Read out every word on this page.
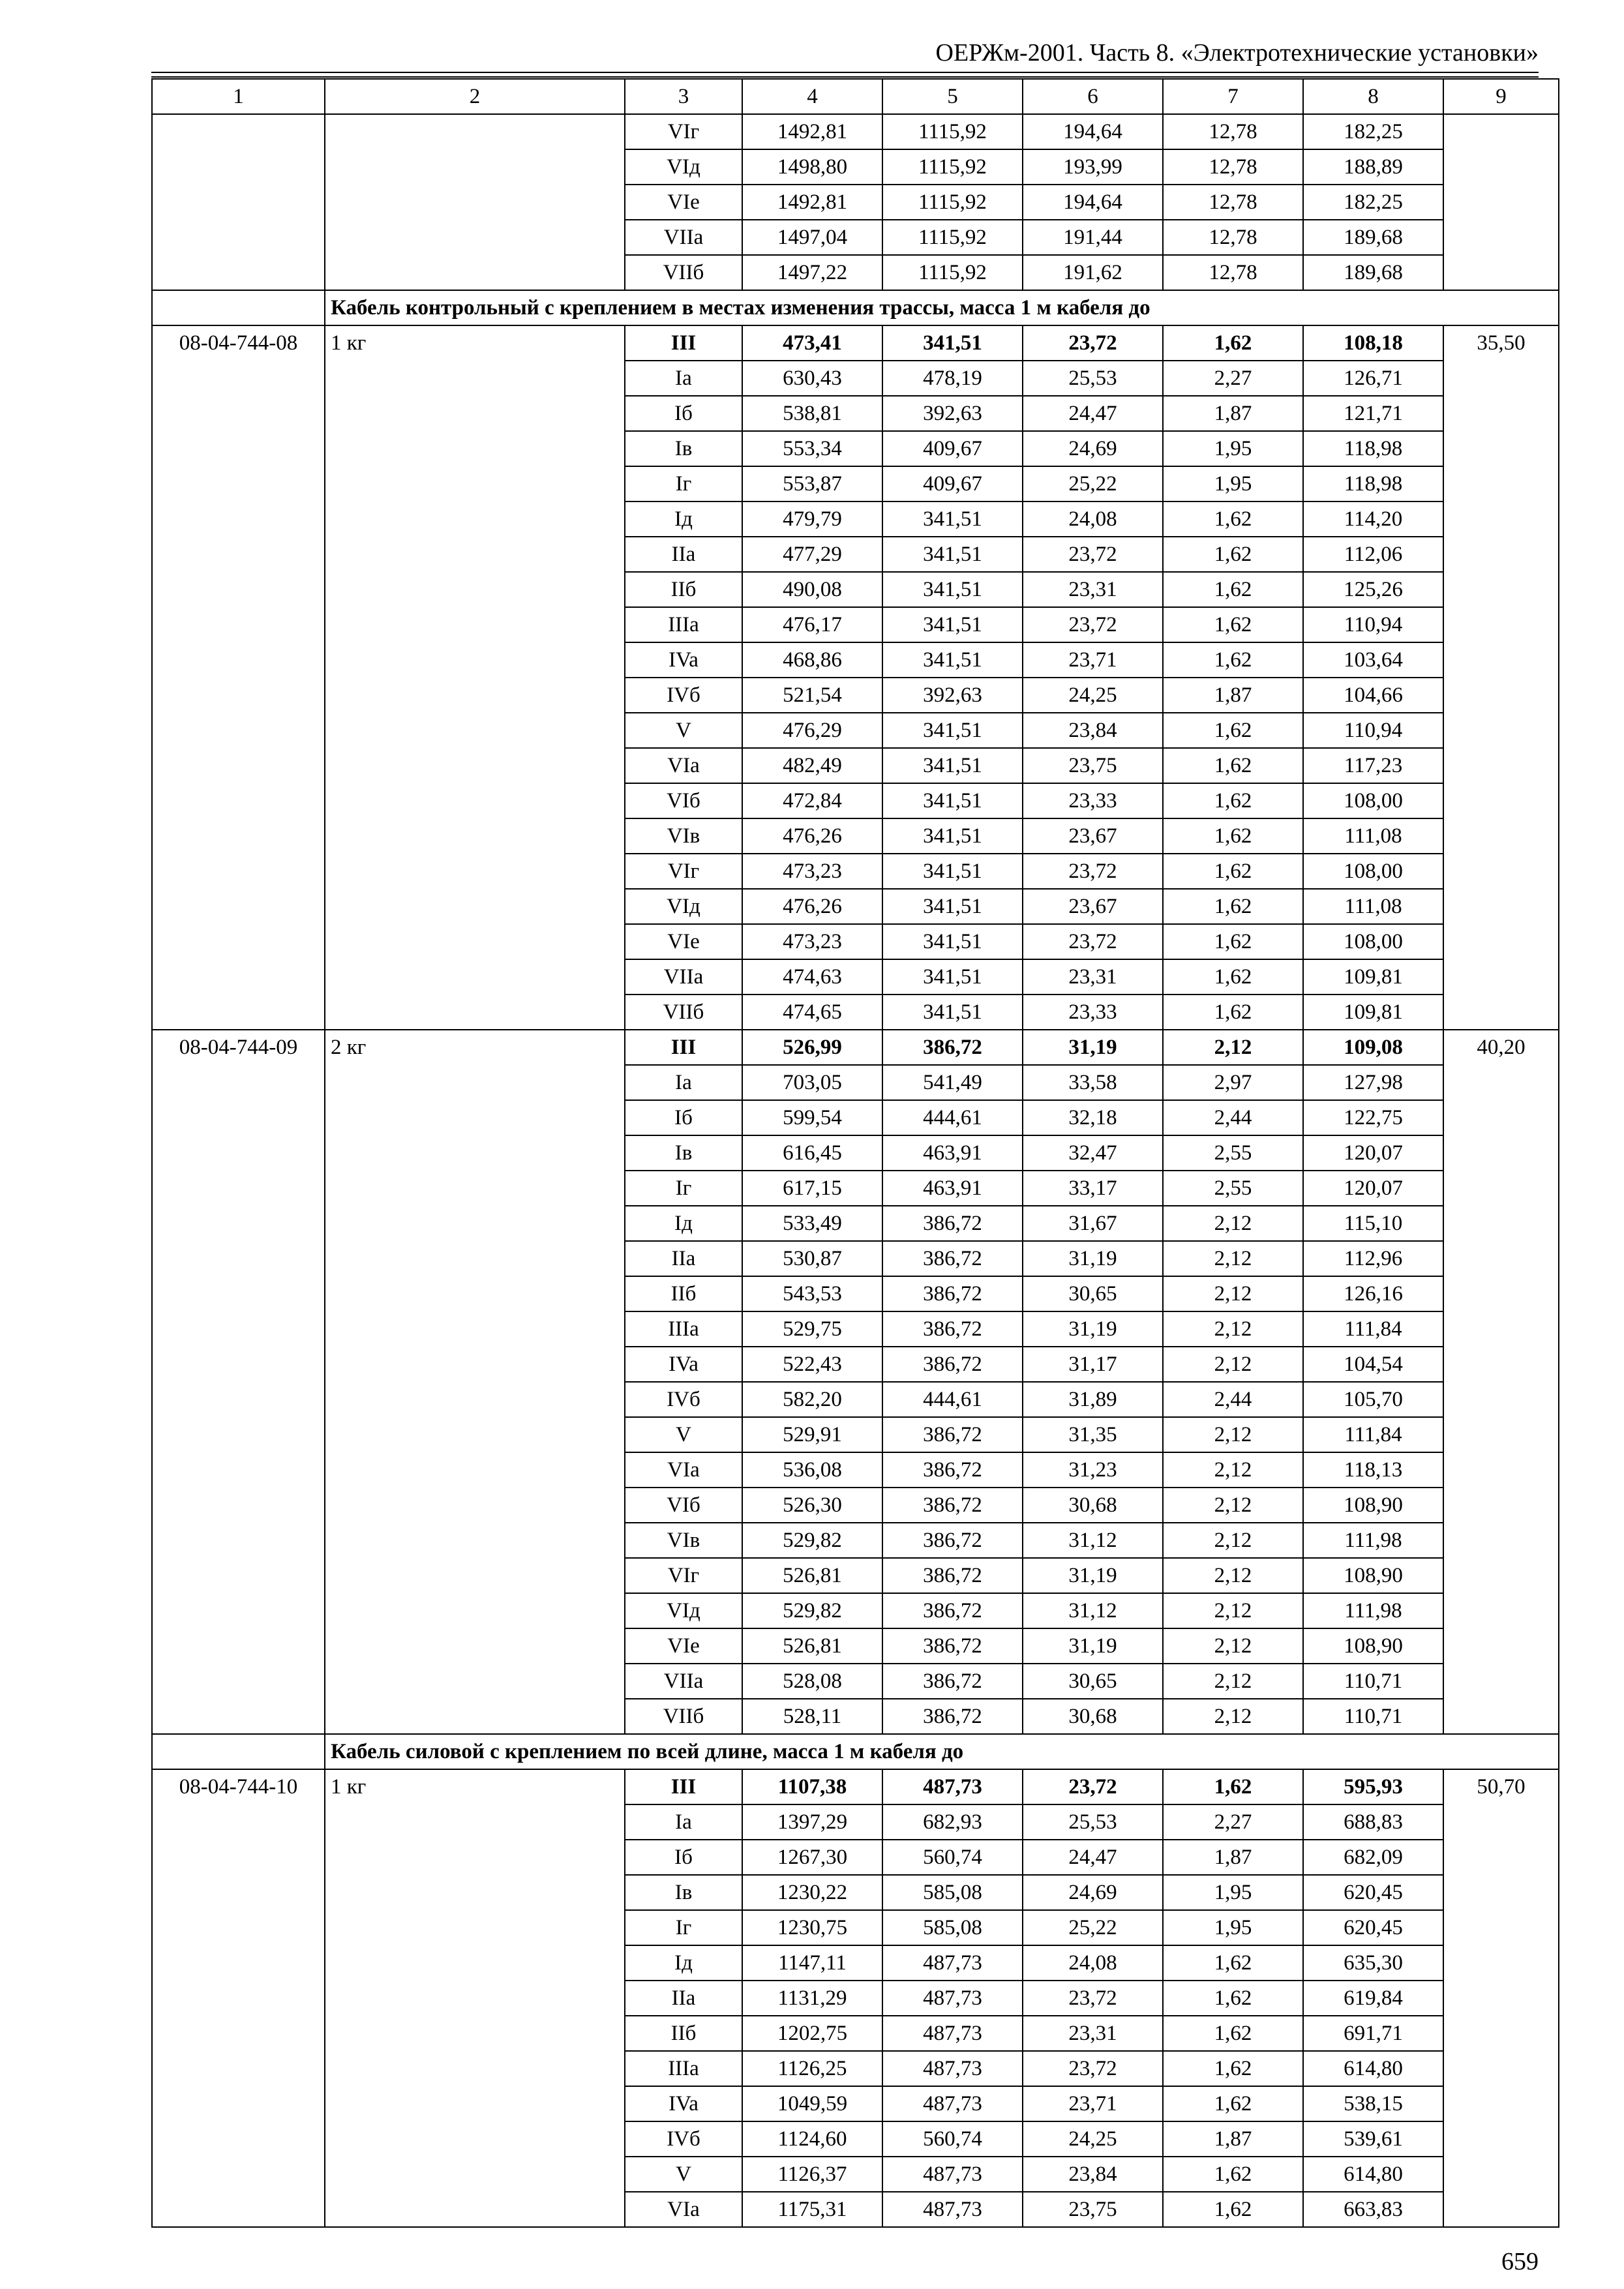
ОЕРЖм-2001. Часть 8. «Электротехнические установки»
1	2	3	4	5	6	7	8	9
		VIг	1492,81	1115,92	194,64	12,78	182,25	
		VIд	1498,80	1115,92	193,99	12,78	188,89	
		VIe	1492,81	1115,92	194,64	12,78	182,25	
		VIIа	1497,04	1115,92	191,44	12,78	189,68	
		VIIб	1497,22	1115,92	191,62	12,78	189,68	
	Кабель контрольный с креплением в местах изменения трассы, масса 1 м кабеля до							
08-04-744-08	1 кг	III	473,41	341,51	23,72	1,62	108,18	35,50
		Ia	630,43	478,19	25,53	2,27	126,71	
		Iб	538,81	392,63	24,47	1,87	121,71	
		Iв	553,34	409,67	24,69	1,95	118,98	
		Iг	553,87	409,67	25,22	1,95	118,98	
		Iд	479,79	341,51	24,08	1,62	114,20	
		IIа	477,29	341,51	23,72	1,62	112,06	
		IIб	490,08	341,51	23,31	1,62	125,26	
		IIIа	476,17	341,51	23,72	1,62	110,94	
		IVa	468,86	341,51	23,71	1,62	103,64	
		IVб	521,54	392,63	24,25	1,87	104,66	
		V	476,29	341,51	23,84	1,62	110,94	
		VIa	482,49	341,51	23,75	1,62	117,23	
		VIб	472,84	341,51	23,33	1,62	108,00	
		VIв	476,26	341,51	23,67	1,62	111,08	
		VIг	473,23	341,51	23,72	1,62	108,00	
		VIд	476,26	341,51	23,67	1,62	111,08	
		VIe	473,23	341,51	23,72	1,62	108,00	
		VIIа	474,63	341,51	23,31	1,62	109,81	
		VIIб	474,65	341,51	23,33	1,62	109,81	
08-04-744-09	2 кг	III	526,99	386,72	31,19	2,12	109,08	40,20
		Ia	703,05	541,49	33,58	2,97	127,98	
		Iб	599,54	444,61	32,18	2,44	122,75	
		Iв	616,45	463,91	32,47	2,55	120,07	
		Iг	617,15	463,91	33,17	2,55	120,07	
		Iд	533,49	386,72	31,67	2,12	115,10	
		IIа	530,87	386,72	31,19	2,12	112,96	
		IIб	543,53	386,72	30,65	2,12	126,16	
		IIIа	529,75	386,72	31,19	2,12	111,84	
		IVa	522,43	386,72	31,17	2,12	104,54	
		IVб	582,20	444,61	31,89	2,44	105,70	
		V	529,91	386,72	31,35	2,12	111,84	
		VIa	536,08	386,72	31,23	2,12	118,13	
		VIб	526,30	386,72	30,68	2,12	108,90	
		VIв	529,82	386,72	31,12	2,12	111,98	
		VIг	526,81	386,72	31,19	2,12	108,90	
		VIд	529,82	386,72	31,12	2,12	111,98	
		VIe	526,81	386,72	31,19	2,12	108,90	
		VIIа	528,08	386,72	30,65	2,12	110,71	
		VIIб	528,11	386,72	30,68	2,12	110,71	
	Кабель силовой с креплением по всей длине, масса 1 м кабеля до							
08-04-744-10	1 кг	III	1107,38	487,73	23,72	1,62	595,93	50,70
		Ia	1397,29	682,93	25,53	2,27	688,83	
		Iб	1267,30	560,74	24,47	1,87	682,09	
		Iв	1230,22	585,08	24,69	1,95	620,45	
		Iг	1230,75	585,08	25,22	1,95	620,45	
		Iд	1147,11	487,73	24,08	1,62	635,30	
		IIа	1131,29	487,73	23,72	1,62	619,84	
		IIб	1202,75	487,73	23,31	1,62	691,71	
		IIIа	1126,25	487,73	23,72	1,62	614,80	
		IVa	1049,59	487,73	23,71	1,62	538,15	
		IVб	1124,60	560,74	24,25	1,87	539,61	
		V	1126,37	487,73	23,84	1,62	614,80	
		VIa	1175,31	487,73	23,75	1,62	663,83	
659
